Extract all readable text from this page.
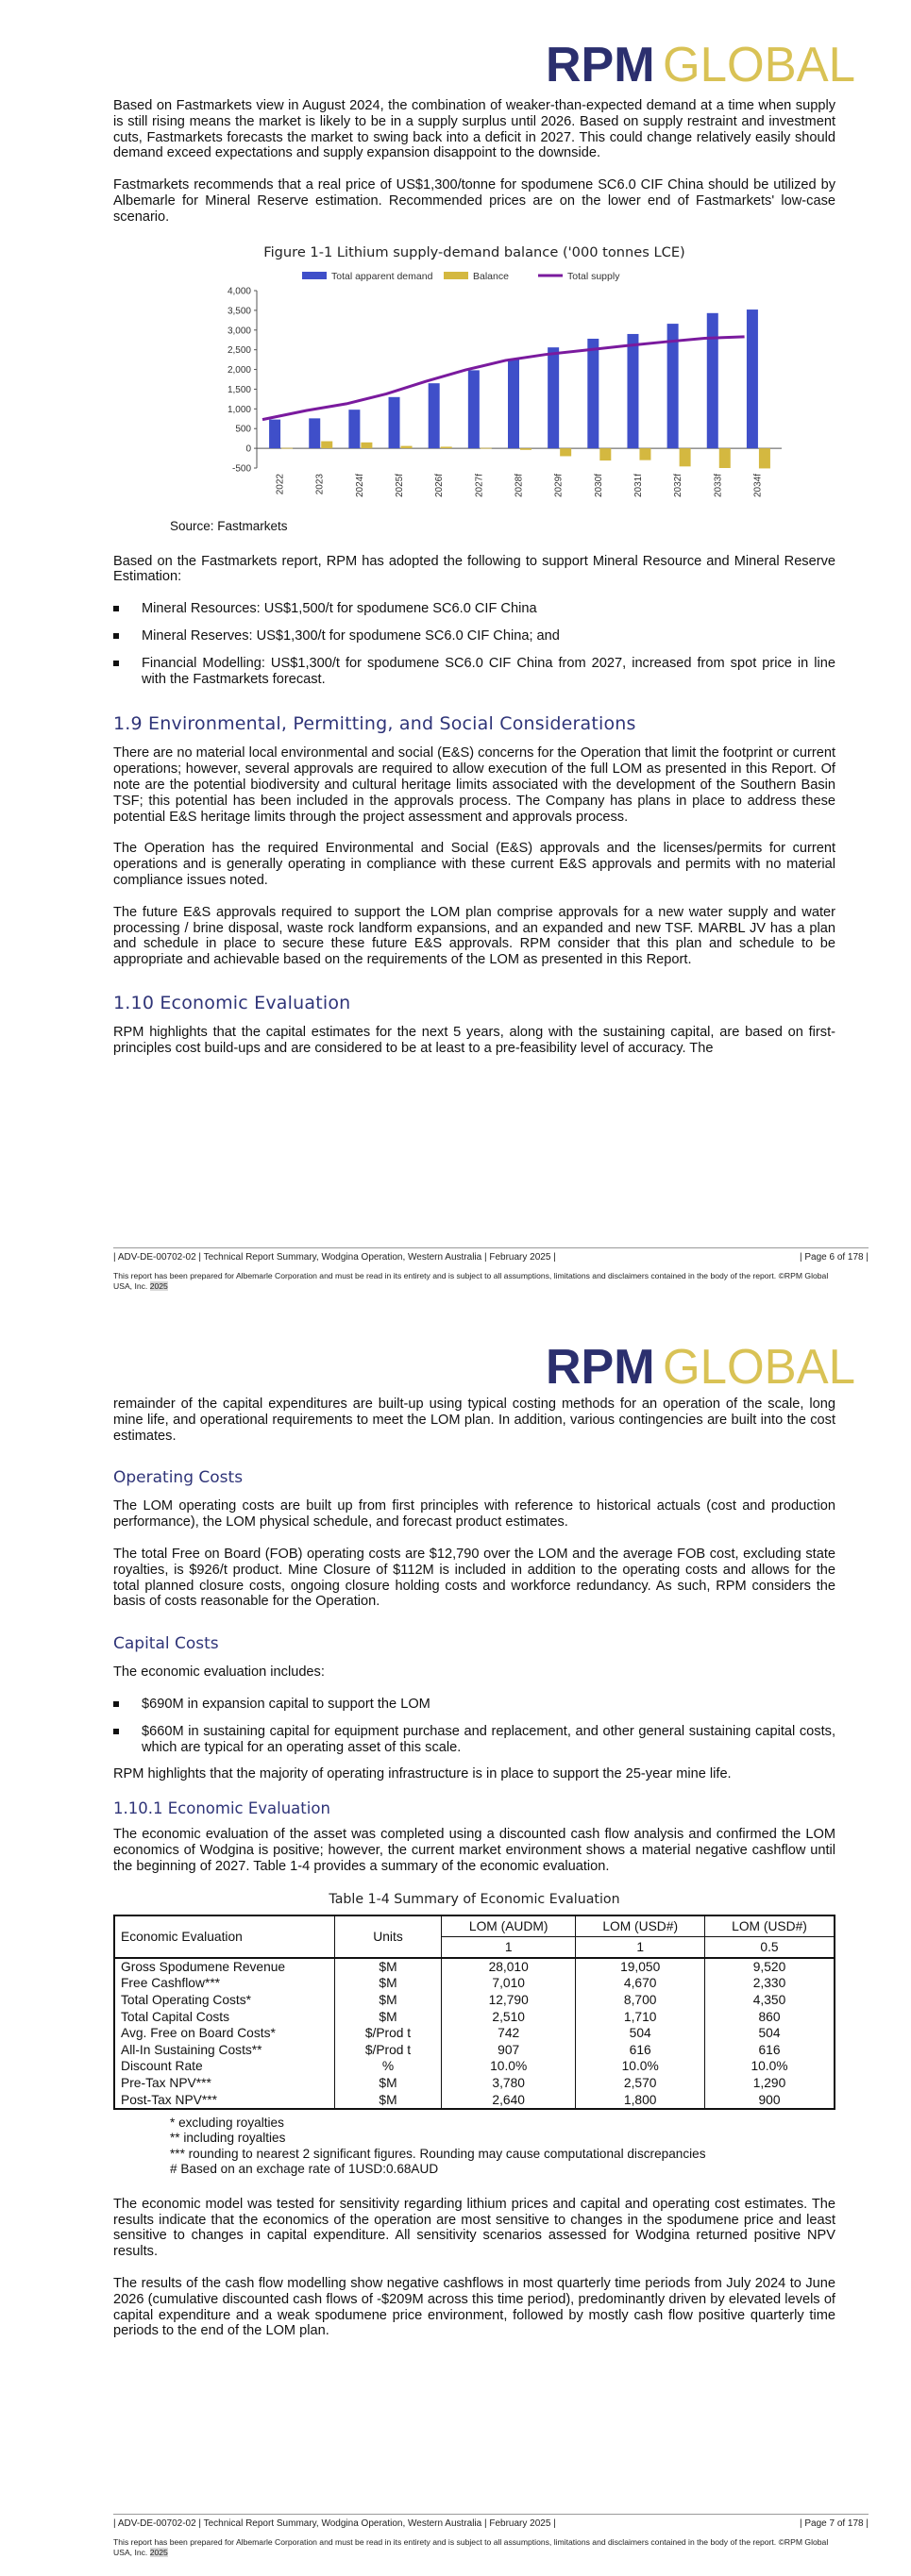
RPM GLOBAL

Based on Fastmarkets view in August 2024, the combination of weaker-than-expected demand at a time when supply is still rising means the market is likely to be in a supply surplus until 2026. Based on supply restraint and investment cuts, Fastmarkets forecasts the market to swing back into a deficit in 2027. This could change relatively easily should demand exceed expectations and supply expansion disappoint to the downside.

Fastmarkets recommends that a real price of US$1,300/tonne for spodumene SC6.0 CIF China should be utilized by Albemarle for Mineral Reserve estimation. Recommended prices are on the lower end of Fastmarkets' low-case scenario.

Figure 1-1 Lithium supply-demand balance ('000 tonnes LCE)
Total apparent demand	Balance	Total supply
4,000
3,500
3,000
2,500
2,000
1,500
1,000
500
0
-500
2022	2023	2024f	2025f	2026f	2027f	2028f	2029f	2030f	2031f	2032f	2033f	2034f
Source: Fastmarkets

Based on the Fastmarkets report, RPM has adopted the following to support Mineral Resource and Mineral Reserve Estimation:

Mineral Resources: US$1,500/t for spodumene SC6.0 CIF China
Mineral Reserves: US$1,300/t for spodumene SC6.0 CIF China; and
Financial Modelling: US$1,300/t for spodumene SC6.0 CIF China from 2027, increased from spot price in line with the Fastmarkets forecast.
1.9 Environmental, Permitting, and Social Considerations

There are no material local environmental and social (E&S) concerns for the Operation that limit the footprint or current operations; however, several approvals are required to allow execution of the full LOM as presented in this Report. Of note are the potential biodiversity and cultural heritage limits associated with the development of the Southern Basin TSF; this potential has been included in the approvals process. The Company has plans in place to address these potential E&S heritage limits through the project assessment and approvals process.

The Operation has the required Environmental and Social (E&S) approvals and the licenses/permits for current operations and is generally operating in compliance with these current E&S approvals and permits with no material compliance issues noted.

The future E&S approvals required to support the LOM plan comprise approvals for a new water supply and water processing / brine disposal, waste rock landform expansions, and an expanded and new TSF. MARBL JV has a plan and schedule in place to secure these future E&S approvals. RPM consider that this plan and schedule to be appropriate and achievable based on the requirements of the LOM as presented in this Report.

1.10 Economic Evaluation

RPM highlights that the capital estimates for the next 5 years, along with the sustaining capital, are based on first-principles cost build-ups and are considered to be at least to a pre-feasibility level of accuracy. The

| ADV-DE-00702-02 | Technical Report Summary, Wodgina Operation, Western Australia | February 2025 |	| Page 6 of 178 |
This report has been prepared for Albemarle Corporation and must be read in its entirety and is subject to all assumptions, limitations and disclaimers contained in the body of the report. ©RPM Global USA, Inc. 2025
RPM GLOBAL

remainder of the capital expenditures are built-up using typical costing methods for an operation of the scale, long mine life, and operational requirements to meet the LOM plan. In addition, various contingencies are built into the cost estimates.

Operating Costs

The LOM operating costs are built up from first principles with reference to historical actuals (cost and production performance), the LOM physical schedule, and forecast product estimates.

The total Free on Board (FOB) operating costs are $12,790 over the LOM and the average FOB cost, excluding state royalties, is $926/t product. Mine Closure of $112M is included in addition to the operating costs and allows for the total planned closure costs, ongoing closure holding costs and workforce redundancy. As such, RPM considers the basis of costs reasonable for the Operation.

Capital Costs

The economic evaluation includes:

$690M in expansion capital to support the LOM
$660M in sustaining capital for equipment purchase and replacement, and other general sustaining capital costs, which are typical for an operating asset of this scale.

RPM highlights that the majority of operating infrastructure is in place to support the 25-year mine life.

1.10.1 Economic Evaluation

The economic evaluation of the asset was completed using a discounted cash flow analysis and confirmed the LOM economics of Wodgina is positive; however, the current market environment shows a material negative cashflow until the beginning of 2027. Table 1-4 provides a summary of the economic evaluation.

Table 1-4 Summary of Economic Evaluation
Economic Evaluation	Units	LOM (AUDM)	LOM (USD#)	LOM (USD#)
		1	1	0.5
Gross Spodumene Revenue	$M	28,010	19,050	9,520
Free Cashflow***	$M	7,010	4,670	2,330
Total Operating Costs*	$M	12,790	8,700	4,350
Total Capital Costs	$M	2,510	1,710	860
Avg. Free on Board Costs*	$/Prod t	742	504	504
All-In Sustaining Costs**	$/Prod t	907	616	616
Discount Rate	%	10.0%	10.0%	10.0%
Pre-Tax NPV***	$M	3,780	2,570	1,290
Post-Tax NPV***	$M	2,640	1,800	900
* excluding royalties
** including royalties
*** rounding to nearest 2 significant figures. Rounding may cause computational discrepancies
# Based on an exchage rate of 1USD:0.68AUD

The economic model was tested for sensitivity regarding lithium prices and capital and operating cost estimates. The results indicate that the economics of the operation are most sensitive to changes in the spodumene price and least sensitive to changes in capital expenditure. All sensitivity scenarios assessed for Wodgina returned positive NPV results.

The results of the cash flow modelling show negative cashflows in most quarterly time periods from July 2024 to June 2026 (cumulative discounted cash flows of -$209M across this time period), predominantly driven by elevated levels of capital expenditure and a weak spodumene price environment, followed by mostly cash flow positive quarterly time periods to the end of the LOM plan.

| ADV-DE-00702-02 | Technical Report Summary, Wodgina Operation, Western Australia | February 2025 |	| Page 7 of 178 |
This report has been prepared for Albemarle Corporation and must be read in its entirety and is subject to all assumptions, limitations and disclaimers contained in the body of the report. ©RPM Global USA, Inc. 2025
